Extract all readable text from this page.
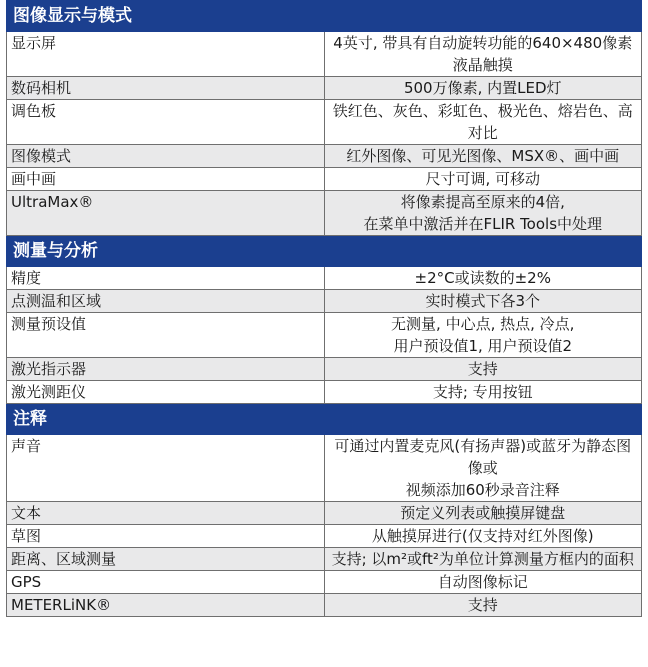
图像显示与模式	
显示屏	4英寸, 带具有自动旋转功能的640×480像素
液晶触摸
数码相机	500万像素, 内置LED灯
调色板	铁红色、灰色、彩虹色、极光色、熔岩色、高对比
图像模式	红外图像、可见光图像、MSX®、画中画
画中画	尺寸可调, 可移动
UltraMax®	将像素提高至原来的4倍,
在菜单中激活并在FLIR Tools中处理
测量与分析	
精度	±2°C或读数的±2%
点测温和区域	实时模式下各3个
测量预设值	无测量, 中心点, 热点, 冷点,
用户预设值1, 用户预设值2
激光指示器	支持
激光测距仪	支持; 专用按钮
注释	
声音	可通过内置麦克风(有扬声器)或蓝牙为静态图像或
视频添加60秒录音注释
文本	预定义列表或触摸屏键盘
草图	从触摸屏进行(仅支持对红外图像)
距离、区域测量	支持; 以m²或ft²为单位计算测量方框内的面积
GPS	自动图像标记
METERLiNK®	支持
